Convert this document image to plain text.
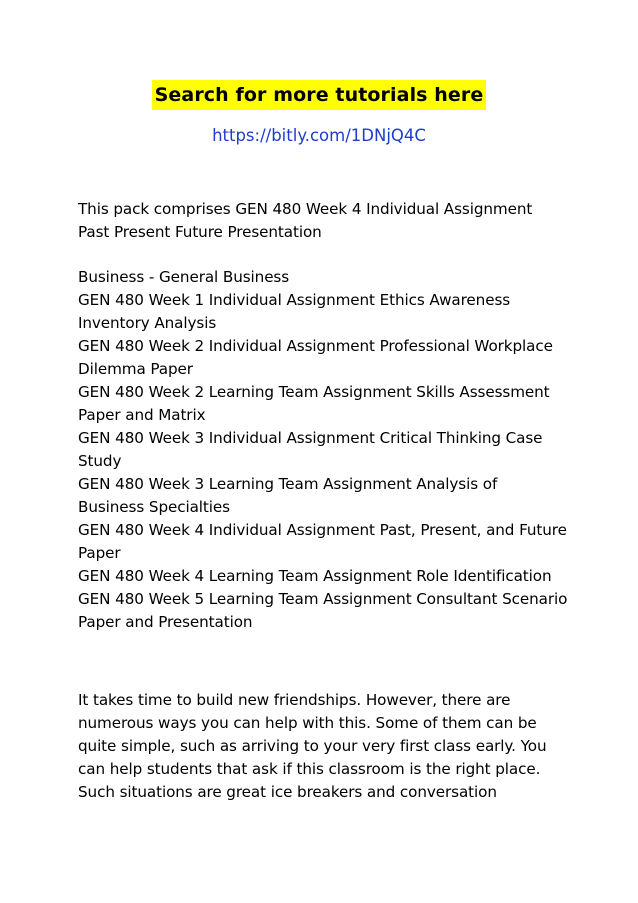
Search for more tutorials here
https://bitly.com/1DNjQ4C

This pack comprises GEN 480 Week 4 Individual Assignment Past Present Future Presentation

Business - General Business
GEN 480 Week 1 Individual Assignment Ethics Awareness Inventory Analysis
GEN 480 Week 2 Individual Assignment Professional Workplace Dilemma Paper
GEN 480 Week 2 Learning Team Assignment Skills Assessment Paper and Matrix
GEN 480 Week 3 Individual Assignment Critical Thinking Case Study
GEN 480 Week 3 Learning Team Assignment Analysis of Business Specialties
GEN 480 Week 4 Individual Assignment Past, Present, and Future Paper
GEN 480 Week 4 Learning Team Assignment Role Identification
GEN 480 Week 5 Learning Team Assignment Consultant Scenario Paper and Presentation

It takes time to build new friendships. However, there are numerous ways you can help with this. Some of them can be quite simple, such as arriving to your very first class early. You can help students that ask if this classroom is the right place. Such situations are great ice breakers and conversation
